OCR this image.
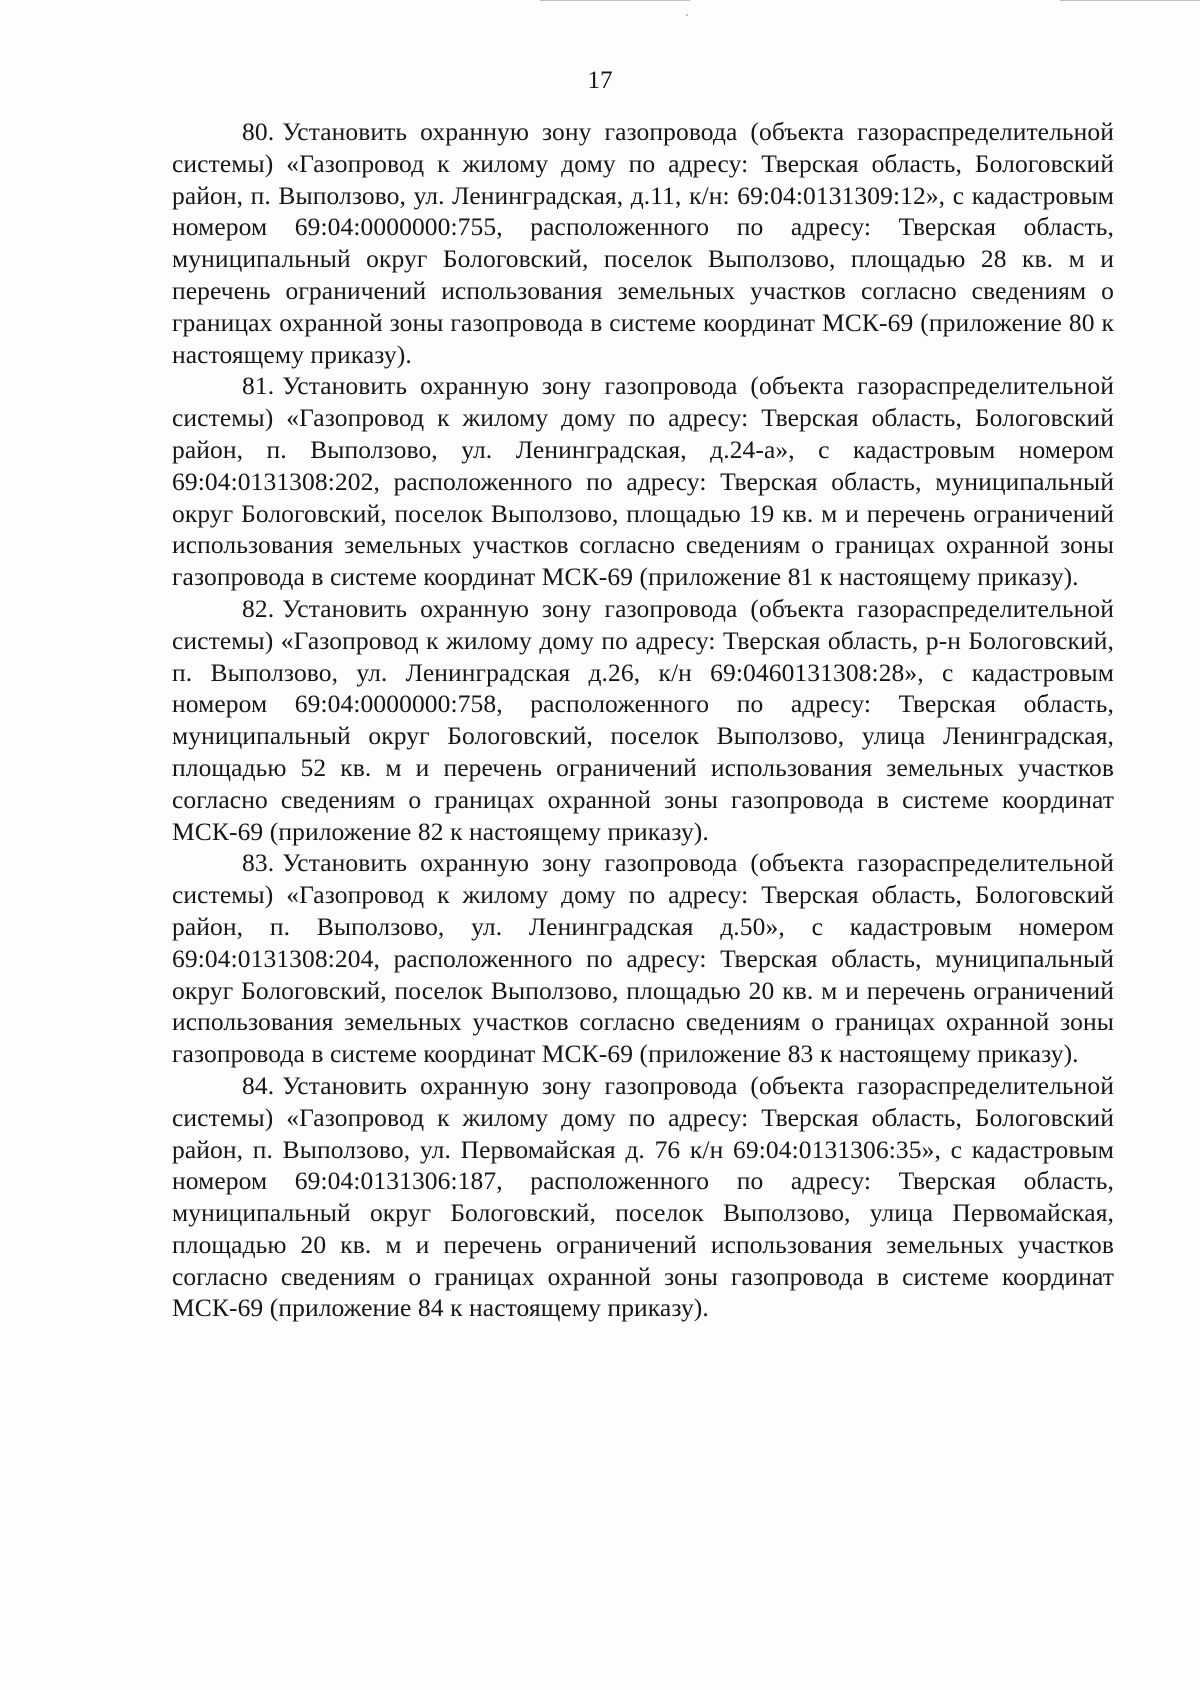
17

80. Установить охранную зону газопровода (объекта газораспределительной системы) «Газопровод к жилому дому по адресу: Тверская область, Бологовский район, п. Выползово, ул. Ленинградская, д.11, к/н: 69:04:0131309:12», с кадастровым номером 69:04:0000000:755, расположенного по адресу: Тверская область, муниципальный округ Бологовский, поселок Выползово, площадью 28 кв. м и перечень ограничений использования земельных участков согласно сведениям о границах охранной зоны газопровода в системе координат МСК-69 (приложение 80 к настоящему приказу).

81. Установить охранную зону газопровода (объекта газораспределительной системы) «Газопровод к жилому дому по адресу: Тверская область, Бологовский район, п. Выползово, ул. Ленинградская, д.24-а», с кадастровым номером 69:04:0131308:202, расположенного по адресу: Тверская область, муниципальный округ Бологовский, поселок Выползово, площадью 19 кв. м и перечень ограничений использования земельных участков согласно сведениям о границах охранной зоны газопровода в системе координат МСК-69 (приложение 81 к настоящему приказу).

82. Установить охранную зону газопровода (объекта газораспределительной системы) «Газопровод к жилому дому по адресу: Тверская область, р-н Бологовский, п. Выползово, ул. Ленинградская д.26, к/н 69:0460131308:28», с кадастровым номером 69:04:0000000:758, расположенного по адресу: Тверская область, муниципальный округ Бологовский, поселок Выползово, улица Ленинградская, площадью 52 кв. м и перечень ограничений использования земельных участков согласно сведениям о границах охранной зоны газопровода в системе координат МСК-69 (приложение 82 к настоящему приказу).

83. Установить охранную зону газопровода (объекта газораспределительной системы) «Газопровод к жилому дому по адресу: Тверская область, Бологовский район, п. Выползово, ул. Ленинградская д.50», с кадастровым номером 69:04:0131308:204, расположенного по адресу: Тверская область, муниципальный округ Бологовский, поселок Выползово, площадью 20 кв. м и перечень ограничений использования земельных участков согласно сведениям о границах охранной зоны газопровода в системе координат МСК-69 (приложение 83 к настоящему приказу).

84. Установить охранную зону газопровода (объекта газораспределительной системы) «Газопровод к жилому дому по адресу: Тверская область, Бологовский район, п. Выползово, ул. Первомайская д. 76 к/н 69:04:0131306:35», с кадастровым номером 69:04:0131306:187, расположенного по адресу: Тверская область, муниципальный округ Бологовский, поселок Выползово, улица Первомайская, площадью 20 кв. м и перечень ограничений использования земельных участков согласно сведениям о границах охранной зоны газопровода в системе координат МСК-69 (приложение 84 к настоящему приказу).
